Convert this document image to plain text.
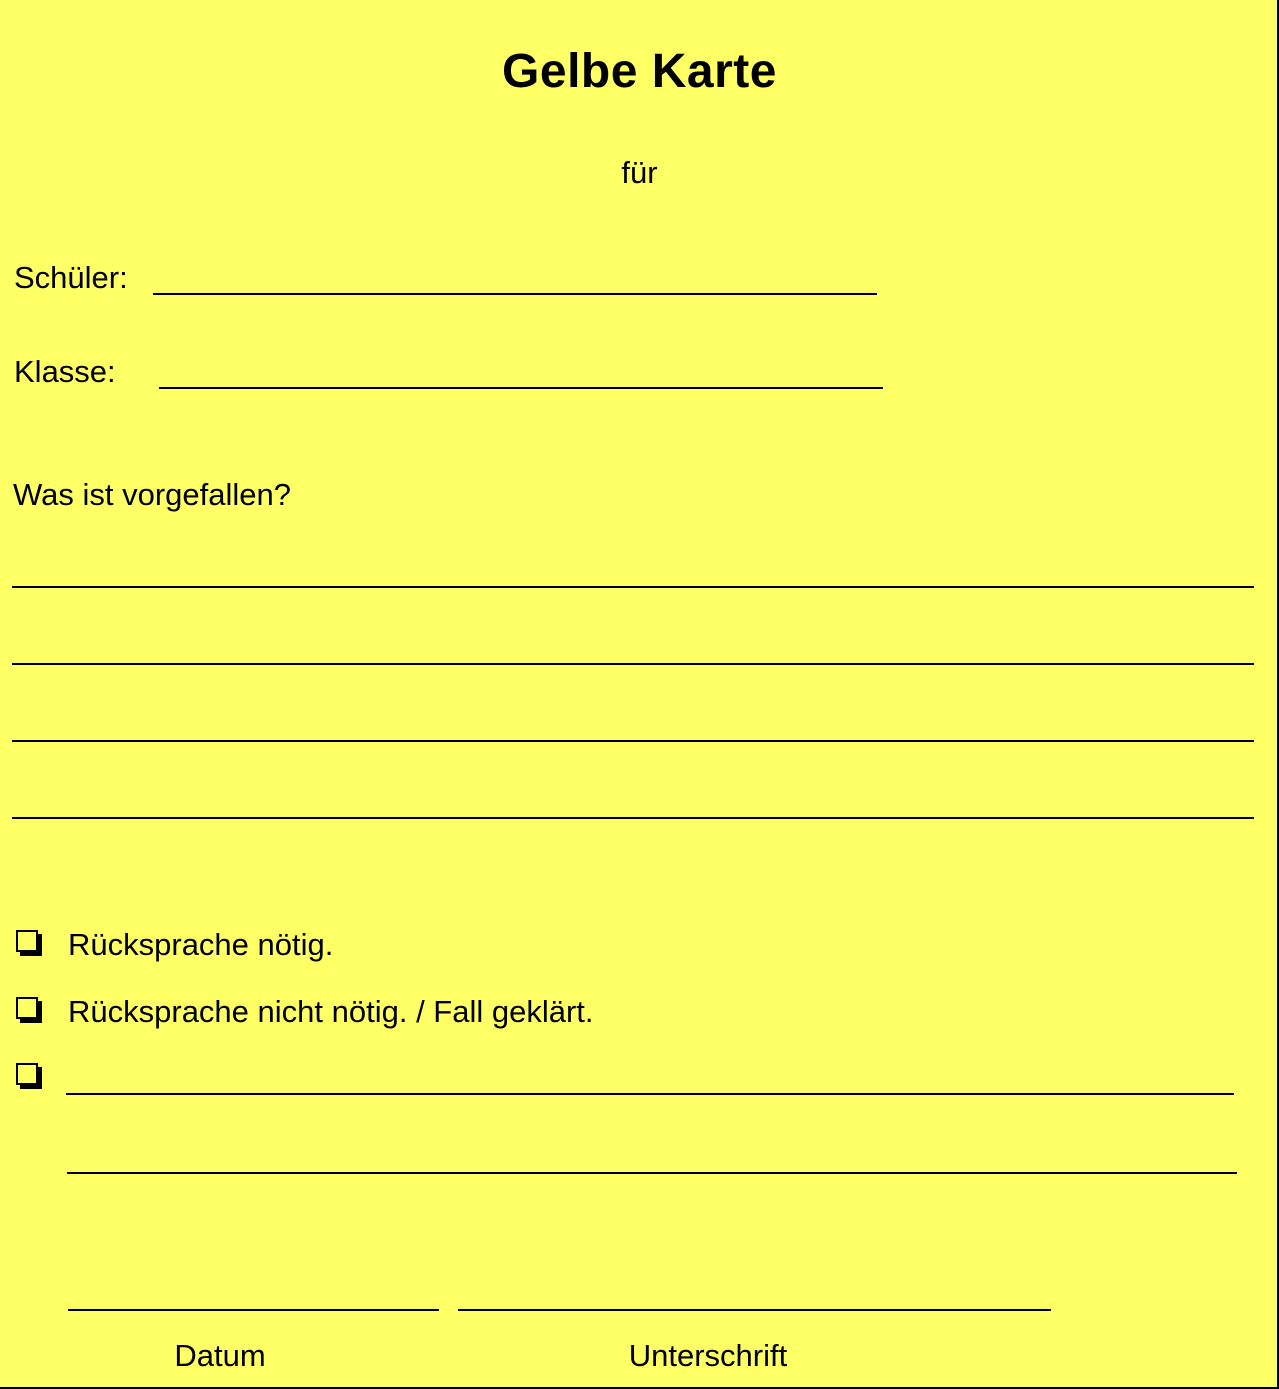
Gelbe Karte
für
Schüler:
Klasse:
Was ist vorgefallen?
Rücksprache nötig.
Rücksprache nicht nötig. / Fall geklärt.
Datum	Unterschrift
